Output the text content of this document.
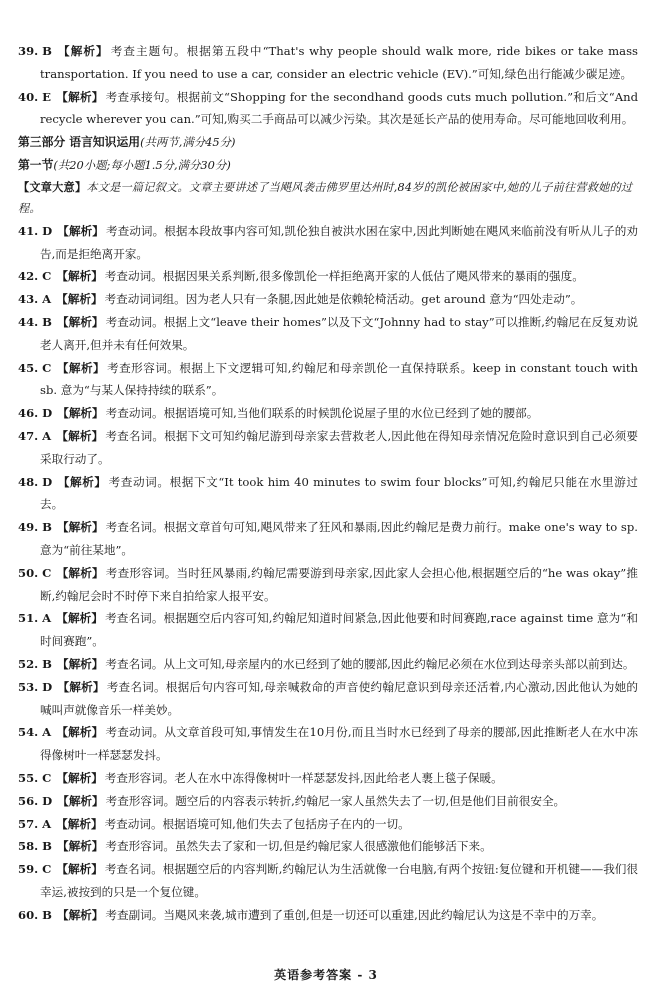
39. B 【解析】 考查主题句。根据第五段中“That's why people should walk more, ride bikes or take mass transportation. If you need to use a car, consider an electric vehicle (EV).”可知,绿色出行能减少碳足迹。

40. E 【解析】 考查承接句。根据前文“Shopping for the secondhand goods cuts much pollution.”和后文“And recycle wherever you can.”可知,购买二手商品可以减少污染。其次是延长产品的使用寿命。尽可能地回收利用。

第三部分 语言知识运用(共两节,满分45分)

第一节(共20小题;每小题1.5分,满分30分)

【文章大意】本文是一篇记叙文。文章主要讲述了当飓风袭击佛罗里达州时,84岁的凯伦被困家中,她的儿子前往营救她的过程。

41. D 【解析】 考查动词。根据本段故事内容可知,凯伦独自被洪水困在家中,因此判断她在飓风来临前没有听从儿子的劝告,而是拒绝离开家。

42. C 【解析】 考查动词。根据因果关系判断,很多像凯伦一样拒绝离开家的人低估了飓风带来的暴雨的强度。

43. A 【解析】 考查动词词组。因为老人只有一条腿,因此她是依赖轮椅活动。get around 意为“四处走动”。

44. B 【解析】 考查动词。根据上文“leave their homes”以及下文“Johnny had to stay”可以推断,约翰尼在反复劝说老人离开,但并未有任何效果。

45. C 【解析】 考查形容词。根据上下文逻辑可知,约翰尼和母亲凯伦一直保持联系。keep in constant touch with sb. 意为“与某人保持持续的联系”。

46. D 【解析】 考查动词。根据语境可知,当他们联系的时候凯伦说屋子里的水位已经到了她的腰部。

47. A 【解析】 考查名词。根据下文可知约翰尼游到母亲家去营救老人,因此他在得知母亲情况危险时意识到自己必须要采取行动了。

48. D 【解析】 考查动词。根据下文“It took him 40 minutes to swim four blocks”可知,约翰尼只能在水里游过去。

49. B 【解析】 考查名词。根据文章首句可知,飓风带来了狂风和暴雨,因此约翰尼是费力前行。make one's way to sp. 意为“前往某地”。

50. C 【解析】 考查形容词。当时狂风暴雨,约翰尼需要游到母亲家,因此家人会担心他,根据题空后的“he was okay”推断,约翰尼会时不时停下来自拍给家人报平安。

51. A 【解析】 考查名词。根据题空后内容可知,约翰尼知道时间紧急,因此他要和时间赛跑,race against time 意为“和时间赛跑”。

52. B 【解析】 考查名词。从上文可知,母亲屋内的水已经到了她的腰部,因此约翰尼必须在水位到达母亲头部以前到达。

53. D 【解析】 考查名词。根据后句内容可知,母亲喊救命的声音使约翰尼意识到母亲还活着,内心激动,因此他认为她的喊叫声就像音乐一样美妙。

54. A 【解析】 考查动词。从文章首段可知,事情发生在10月份,而且当时水已经到了母亲的腰部,因此推断老人在水中冻得像树叶一样瑟瑟发抖。

55. C 【解析】 考查形容词。老人在水中冻得像树叶一样瑟瑟发抖,因此给老人裹上毯子保暖。

56. D 【解析】 考查形容词。题空后的内容表示转折,约翰尼一家人虽然失去了一切,但是他们目前很安全。

57. A 【解析】 考查动词。根据语境可知,他们失去了包括房子在内的一切。

58. B 【解析】 考查形容词。虽然失去了家和一切,但是约翰尼家人很感激他们能够活下来。

59. C 【解析】 考查名词。根据题空后的内容判断,约翰尼认为生活就像一台电脑,有两个按钮:复位键和开机键——我们很幸运,被按到的只是一个复位键。

60. B 【解析】 考查副词。当飓风来袭,城市遭到了重创,但是一切还可以重建,因此约翰尼认为这是不幸中的万幸。

英语参考答案 - 3
